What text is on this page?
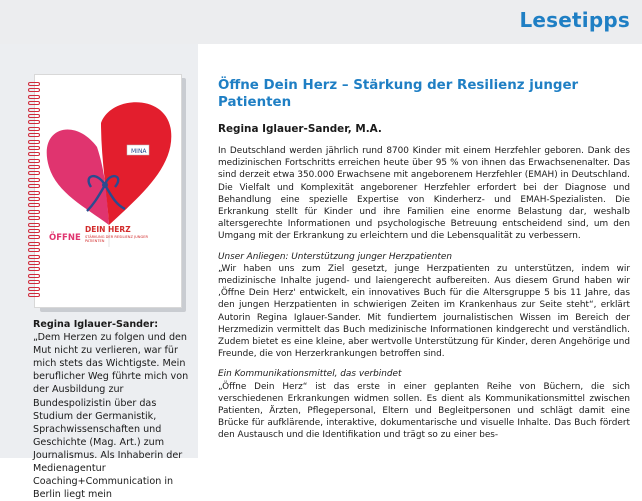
Lesetipps
MINA
ÖFFNE
DEIN HERZ
STÄRKUNG DER RESILIENZ JUNGER PATIENTEN
Regina Iglauer-Sander:
„Dem Herzen zu folgen und den Mut nicht zu verlieren, war für mich stets das Wichtigste. Mein beruflicher Weg führte mich von der Ausbildung zur Bundespolizistin über das Studium der Germanistik, Sprachwissenschaften und Geschichte (Mag. Art.) zum Journalismus. Als Inhaberin der Medienagentur Coaching+Communication in Berlin liegt mein
Öffne Dein Herz – Stärkung der Resilienz junger Patienten
Regina Iglauer-Sander, M.A.
In Deutschland werden jährlich rund 8700 Kinder mit einem Herzfehler geboren. Dank des medizinischen Fortschritts erreichen heute über 95 % von ihnen das Erwachsenenalter. Das sind derzeit etwa 350.000 Erwachsene mit angeborenem Herzfehler (EMAH) in Deutschland. Die Vielfalt und Komplexität angeborener Herzfehler erfordert bei der Diagnose und Behandlung eine spezielle Expertise von Kinderherz- und EMAH-Spezialisten. Die Erkrankung stellt für Kinder und ihre Familien eine enorme Belastung dar, weshalb altersgerechte Informationen und psychologische Betreuung entscheidend sind, um den Umgang mit der Erkrankung zu erleichtern und die Lebensqualität zu verbessern.
Unser Anliegen: Unterstützung junger Herzpatienten
„Wir haben uns zum Ziel gesetzt, junge Herzpatienten zu unterstützen, indem wir medizinische Inhalte jugend- und laiengerecht aufbereiten. Aus diesem Grund haben wir ‚Öffne Dein Herz' entwickelt, ein innovatives Buch für die Altersgruppe 5 bis 11 Jahre, das den jungen Herzpatienten in schwierigen Zeiten im Krankenhaus zur Seite steht“, erklärt Autorin Regina Iglauer-Sander. Mit fundiertem journalistischen Wissen im Bereich der Herzmedizin vermittelt das Buch medizinische Informationen kindgerecht und verständlich. Zudem bietet es eine kleine, aber wertvolle Unterstützung für Kinder, deren Angehörige und Freunde, die von Herzerkrankungen betroffen sind.
Ein Kommunikationsmittel, das verbindet
„Öffne Dein Herz“ ist das erste in einer geplanten Reihe von Büchern, die sich verschiedenen Erkrankungen widmen sollen. Es dient als Kommunikationsmittel zwischen Patienten, Ärzten, Pflegepersonal, Eltern und Begleitpersonen und schlägt damit eine Brücke für aufklärende, interaktive, dokumentarische und visuelle Inhalte. Das Buch fördert den Austausch und die Identifikation und trägt so zu einer bes-
